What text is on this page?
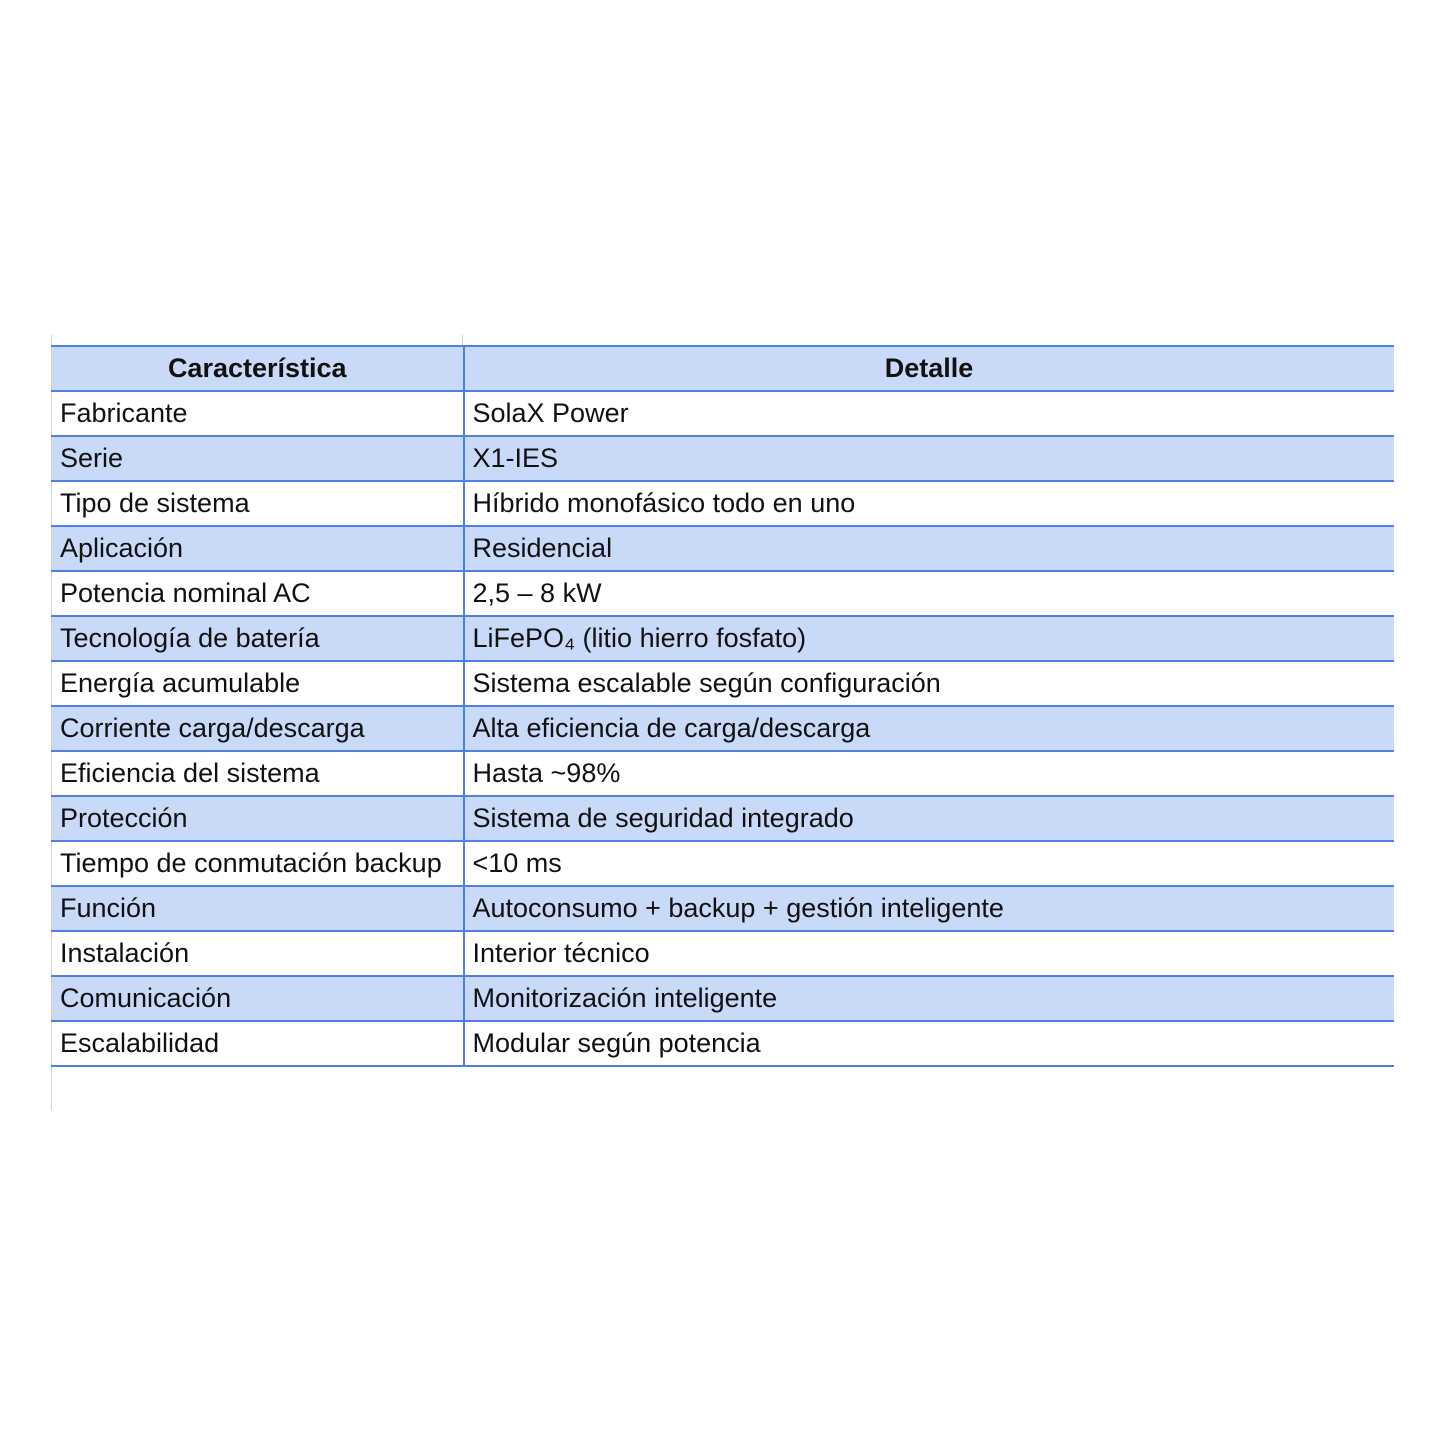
Característica	Detalle
Fabricante	SolaX Power
Serie	X1-IES
Tipo de sistema	Híbrido monofásico todo en uno
Aplicación	Residencial
Potencia nominal AC	2,5 – 8 kW
Tecnología de batería	LiFePO₄ (litio hierro fosfato)
Energía acumulable	Sistema escalable según configuración
Corriente carga/descarga	Alta eficiencia de carga/descarga
Eficiencia del sistema	Hasta ~98%
Protección	Sistema de seguridad integrado
Tiempo de conmutación backup	<10 ms
Función	Autoconsumo + backup + gestión inteligente
Instalación	Interior técnico
Comunicación	Monitorización inteligente
Escalabilidad	Modular según potencia
